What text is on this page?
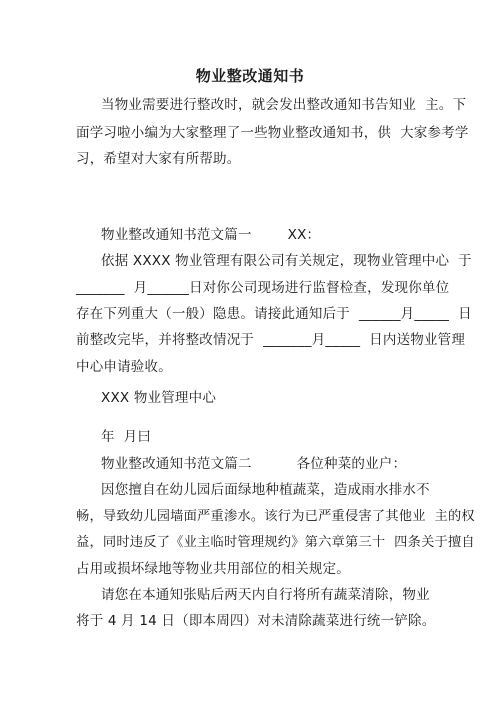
物业整改通知书
当物业需要进行整改时，就会发出整改通知书告知业  主。下
面学习啦小编为大家整理了一些物业整改通知书，供  大家参考学
习，希望对大家有所帮助。
物业整改通知书范文篇一        XX：
依据 XXXX 物业管理有限公司有关规定，现物业管理中心  于
_______  月______日对你公司现场进行监督检查，发现你单位
存在下列重大（一般）隐患。请接此通知后于  ______月_____  日
前整改完毕，并将整改情况于  _______月_____  日内送物业管理
中心申请验收。
XXX 物业管理中心
年  月曰
物业整改通知书范文篇二          各位种菜的业户：
因您擅自在幼儿园后面绿地种植蔬菜，造成雨水排水不
畅，导致幼儿园墙面严重渗水。该行为已严重侵害了其他业  主的权
益，同时违反了《业主临时管理规约》第六章第三十  四条关于擅自
占用或损坏绿地等物业共用部位的相关规定。
请您在本通知张贴后两天内自行将所有蔬菜清除，物业
将于 4 月 14 日（即本周四）对未清除蔬菜进行统一铲除。
